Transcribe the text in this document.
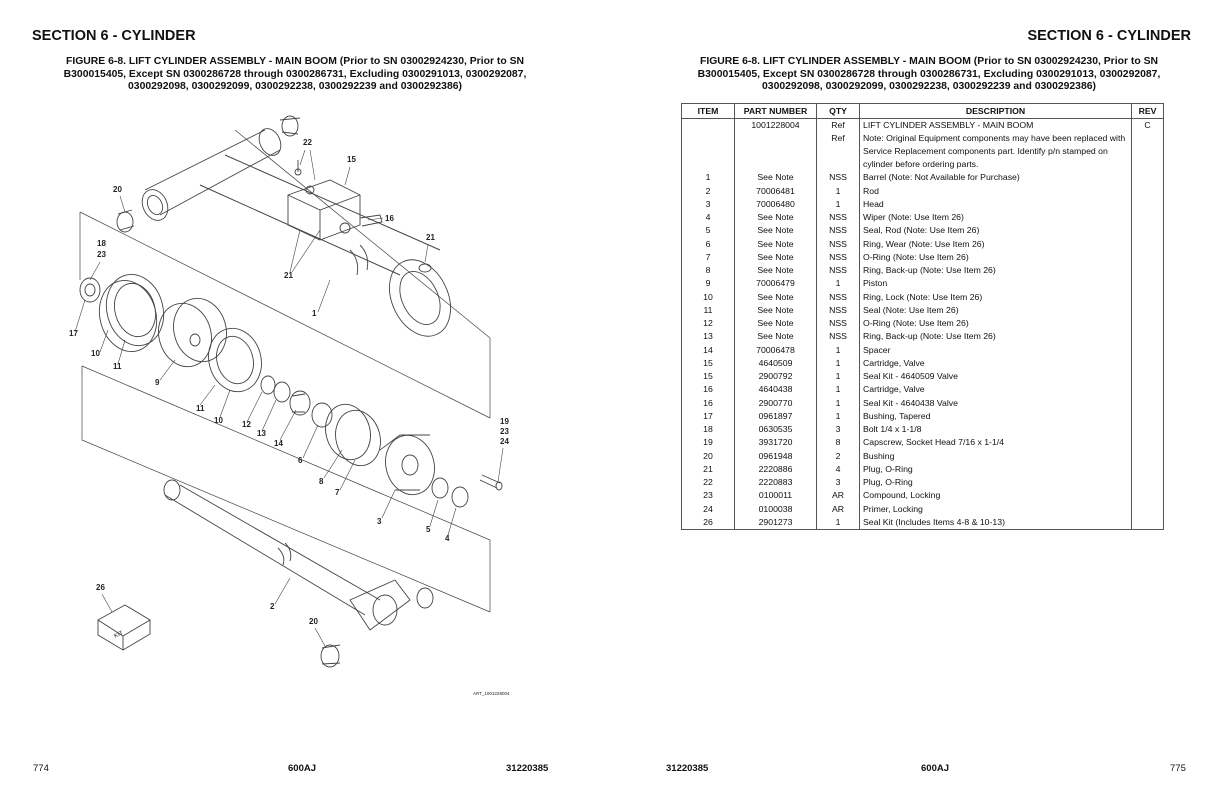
SECTION 6 - CYLINDER
FIGURE 6-8. LIFT CYLINDER ASSEMBLY - MAIN BOOM (Prior to SN 03002924230, Prior to SN
B300015405, Except SN 0300286728 through 0300286731, Excluding 0300291013, 0300292087,
0300292098, 0300292099, 0300292238, 0300292239 and 0300292386)
22
15
20
16
18
23
21
21
1
17
10
11
9
11
10 12
13
14
6
8
7
3
5
4
19
23
24
26
2
20
KIT
ART_1001228004
774	600AJ	31220385
SECTION 6 - CYLINDER
FIGURE 6-8. LIFT CYLINDER ASSEMBLY - MAIN BOOM (Prior to SN 03002924230, Prior to SN
B300015405, Except SN 0300286728 through 0300286731, Excluding 0300291013, 0300292087,
0300292098, 0300292099, 0300292238, 0300292239 and 0300292386)
ITEM	PART NUMBER	QTY	DESCRIPTION	REV
	1001228004	Ref	LIFT CYLINDER ASSEMBLY - MAIN BOOM	C
		Ref	Note: Original Equipment components may have been replaced with Service Replacement components part. Identify p/n stamped on cylinder before ordering parts.	
1	See Note	NSS	Barrel (Note: Not Available for Purchase)	
2	70006481	1	Rod	
3	70006480	1	Head	
4	See Note	NSS	Wiper (Note: Use Item 26)	
5	See Note	NSS	Seal, Rod (Note: Use Item 26)	
6	See Note	NSS	Ring, Wear (Note: Use Item 26)	
7	See Note	NSS	O-Ring (Note: Use Item 26)	
8	See Note	NSS	Ring, Back-up (Note: Use Item 26)	
9	70006479	1	Piston	
10	See Note	NSS	Ring, Lock (Note: Use Item 26)	
11	See Note	NSS	Seal (Note: Use Item 26)	
12	See Note	NSS	O-Ring (Note: Use Item 26)	
13	See Note	NSS	Ring, Back-up (Note: Use Item 26)	
14	70006478	1	Spacer	
15	4640509	1	Cartridge, Valve	
15	2900792	1	Seal Kit - 4640509 Valve	
16	4640438	1	Cartridge, Valve	
16	2900770	1	Seal Kit - 4640438 Valve	
17	0961897	1	Bushing, Tapered	
18	0630535	3	Bolt 1/4 x 1-1/8	
19	3931720	8	Capscrew, Socket Head 7/16 x 1-1/4	
20	0961948	2	Bushing	
21	2220886	4	Plug, O-Ring	
22	2220883	3	Plug, O-Ring	
23	0100011	AR	Compound, Locking	
24	0100038	AR	Primer, Locking	
26	2901273	1	Seal Kit (Includes Items 4-8 & 10-13)	
31220385	600AJ	775
